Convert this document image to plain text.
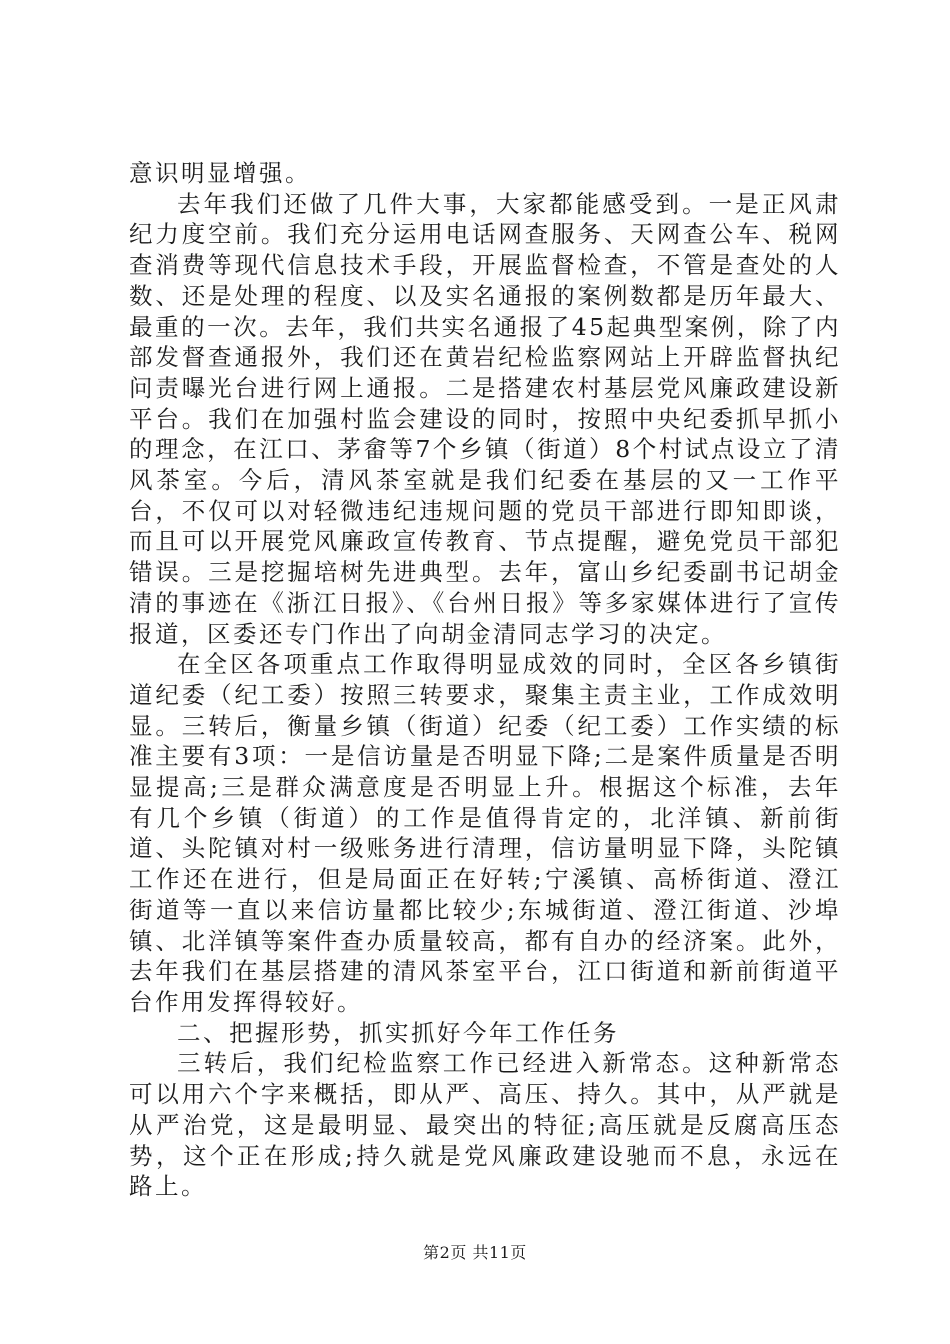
意识明显增强。

去年我们还做了几件大事，大家都能感受到。一是正风肃纪力度空前。我们充分运用电话网查服务、天网查公车、税网查消费等现代信息技术手段，开展监督检查，不管是查处的人数、还是处理的程度、以及实名通报的案例数都是历年最大、最重的一次。去年，我们共实名通报了45起典型案例，除了内部发督查通报外，我们还在黄岩纪检监察网站上开辟监督执纪问责曝光台进行网上通报。二是搭建农村基层党风廉政建设新平台。我们在加强村监会建设的同时，按照中央纪委抓早抓小的理念，在江口、茅畲等7个乡镇（街道）8个村试点设立了清风茶室。今后，清风茶室就是我们纪委在基层的又一工作平台，不仅可以对轻微违纪违规问题的党员干部进行即知即谈，而且可以开展党风廉政宣传教育、节点提醒，避免党员干部犯错误。三是挖掘培树先进典型。去年，富山乡纪委副书记胡金清的事迹在《浙江日报》、《台州日报》等多家媒体进行了宣传报道，区委还专门作出了向胡金清同志学习的决定。

在全区各项重点工作取得明显成效的同时，全区各乡镇街道纪委（纪工委）按照三转要求，聚集主责主业，工作成效明显。三转后，衡量乡镇（街道）纪委（纪工委）工作实绩的标准主要有3项：一是信访量是否明显下降;二是案件质量是否明显提高;三是群众满意度是否明显上升。根据这个标准，去年有几个乡镇（街道）的工作是值得肯定的，北洋镇、新前街道、头陀镇对村一级账务进行清理，信访量明显下降，头陀镇工作还在进行，但是局面正在好转;宁溪镇、高桥街道、澄江街道等一直以来信访量都比较少;东城街道、澄江街道、沙埠镇、北洋镇等案件查办质量较高，都有自办的经济案。此外，去年我们在基层搭建的清风茶室平台，江口街道和新前街道平台作用发挥得较好。

二、把握形势，抓实抓好今年工作任务

三转后，我们纪检监察工作已经进入新常态。这种新常态可以用六个字来概括，即从严、高压、持久。其中，从严就是从严治党，这是最明显、最突出的特征;高压就是反腐高压态势，这个正在形成;持久就是党风廉政建设驰而不息，永远在路上。

第2页 共11页
